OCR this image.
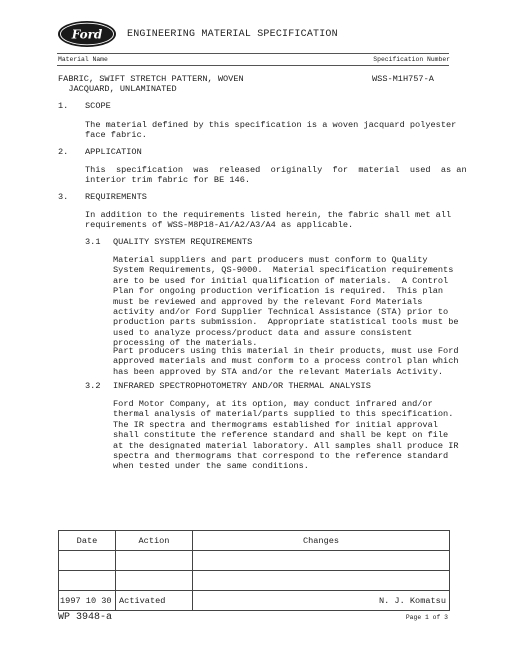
Ford ENGINEERING MATERIAL SPECIFICATION
Material Name	Specification Number
FABRIC, SWIFT STRETCH PATTERN, WOVEN
JACQUARD, UNLAMINATED
WSS-M1H757-A
1. SCOPE
The material defined by this specification is a woven jacquard polyester
face fabric.
2. APPLICATION
This  specification  was  released  originally  for  material  used  as an
interior trim fabric for BE 146.
3. REQUIREMENTS
In addition to the requirements listed herein, the fabric shall met all
requirements of WSS-M8P18-A1/A2/A3/A4 as applicable.
3.1 QUALITY SYSTEM REQUIREMENTS
Material suppliers and part producers must conform to Quality
System Requirements, QS-9000.  Material specification requirements
are to be used for initial qualification of materials.  A Control
Plan for ongoing production verification is required.  This plan
must be reviewed and approved by the relevant Ford Materials
activity and/or Ford Supplier Technical Assistance (STA) prior to
production parts submission.  Appropriate statistical tools must be
used to analyze process/product data and assure consistent
processing of the materials.
Part producers using this material in their products, must use Ford
approved materials and must conform to a process control plan which
has been approved by STA and/or the relevant Materials Activity.
3.2 INFRARED SPECTROPHOTOMETRY AND/OR THERMAL ANALYSIS
Ford Motor Company, at its option, may conduct infrared and/or
thermal analysis of material/parts supplied to this specification.
The IR spectra and thermograms established for initial approval
shall constitute the reference standard and shall be kept on file
at the designated material laboratory. All samples shall produce IR
spectra and thermograms that correspond to the reference standard
when tested under the same conditions.
Date	Action	Changes

1997 10 30	Activated	N. J. Komatsu
WP 3948-a	Page 1 of 3
